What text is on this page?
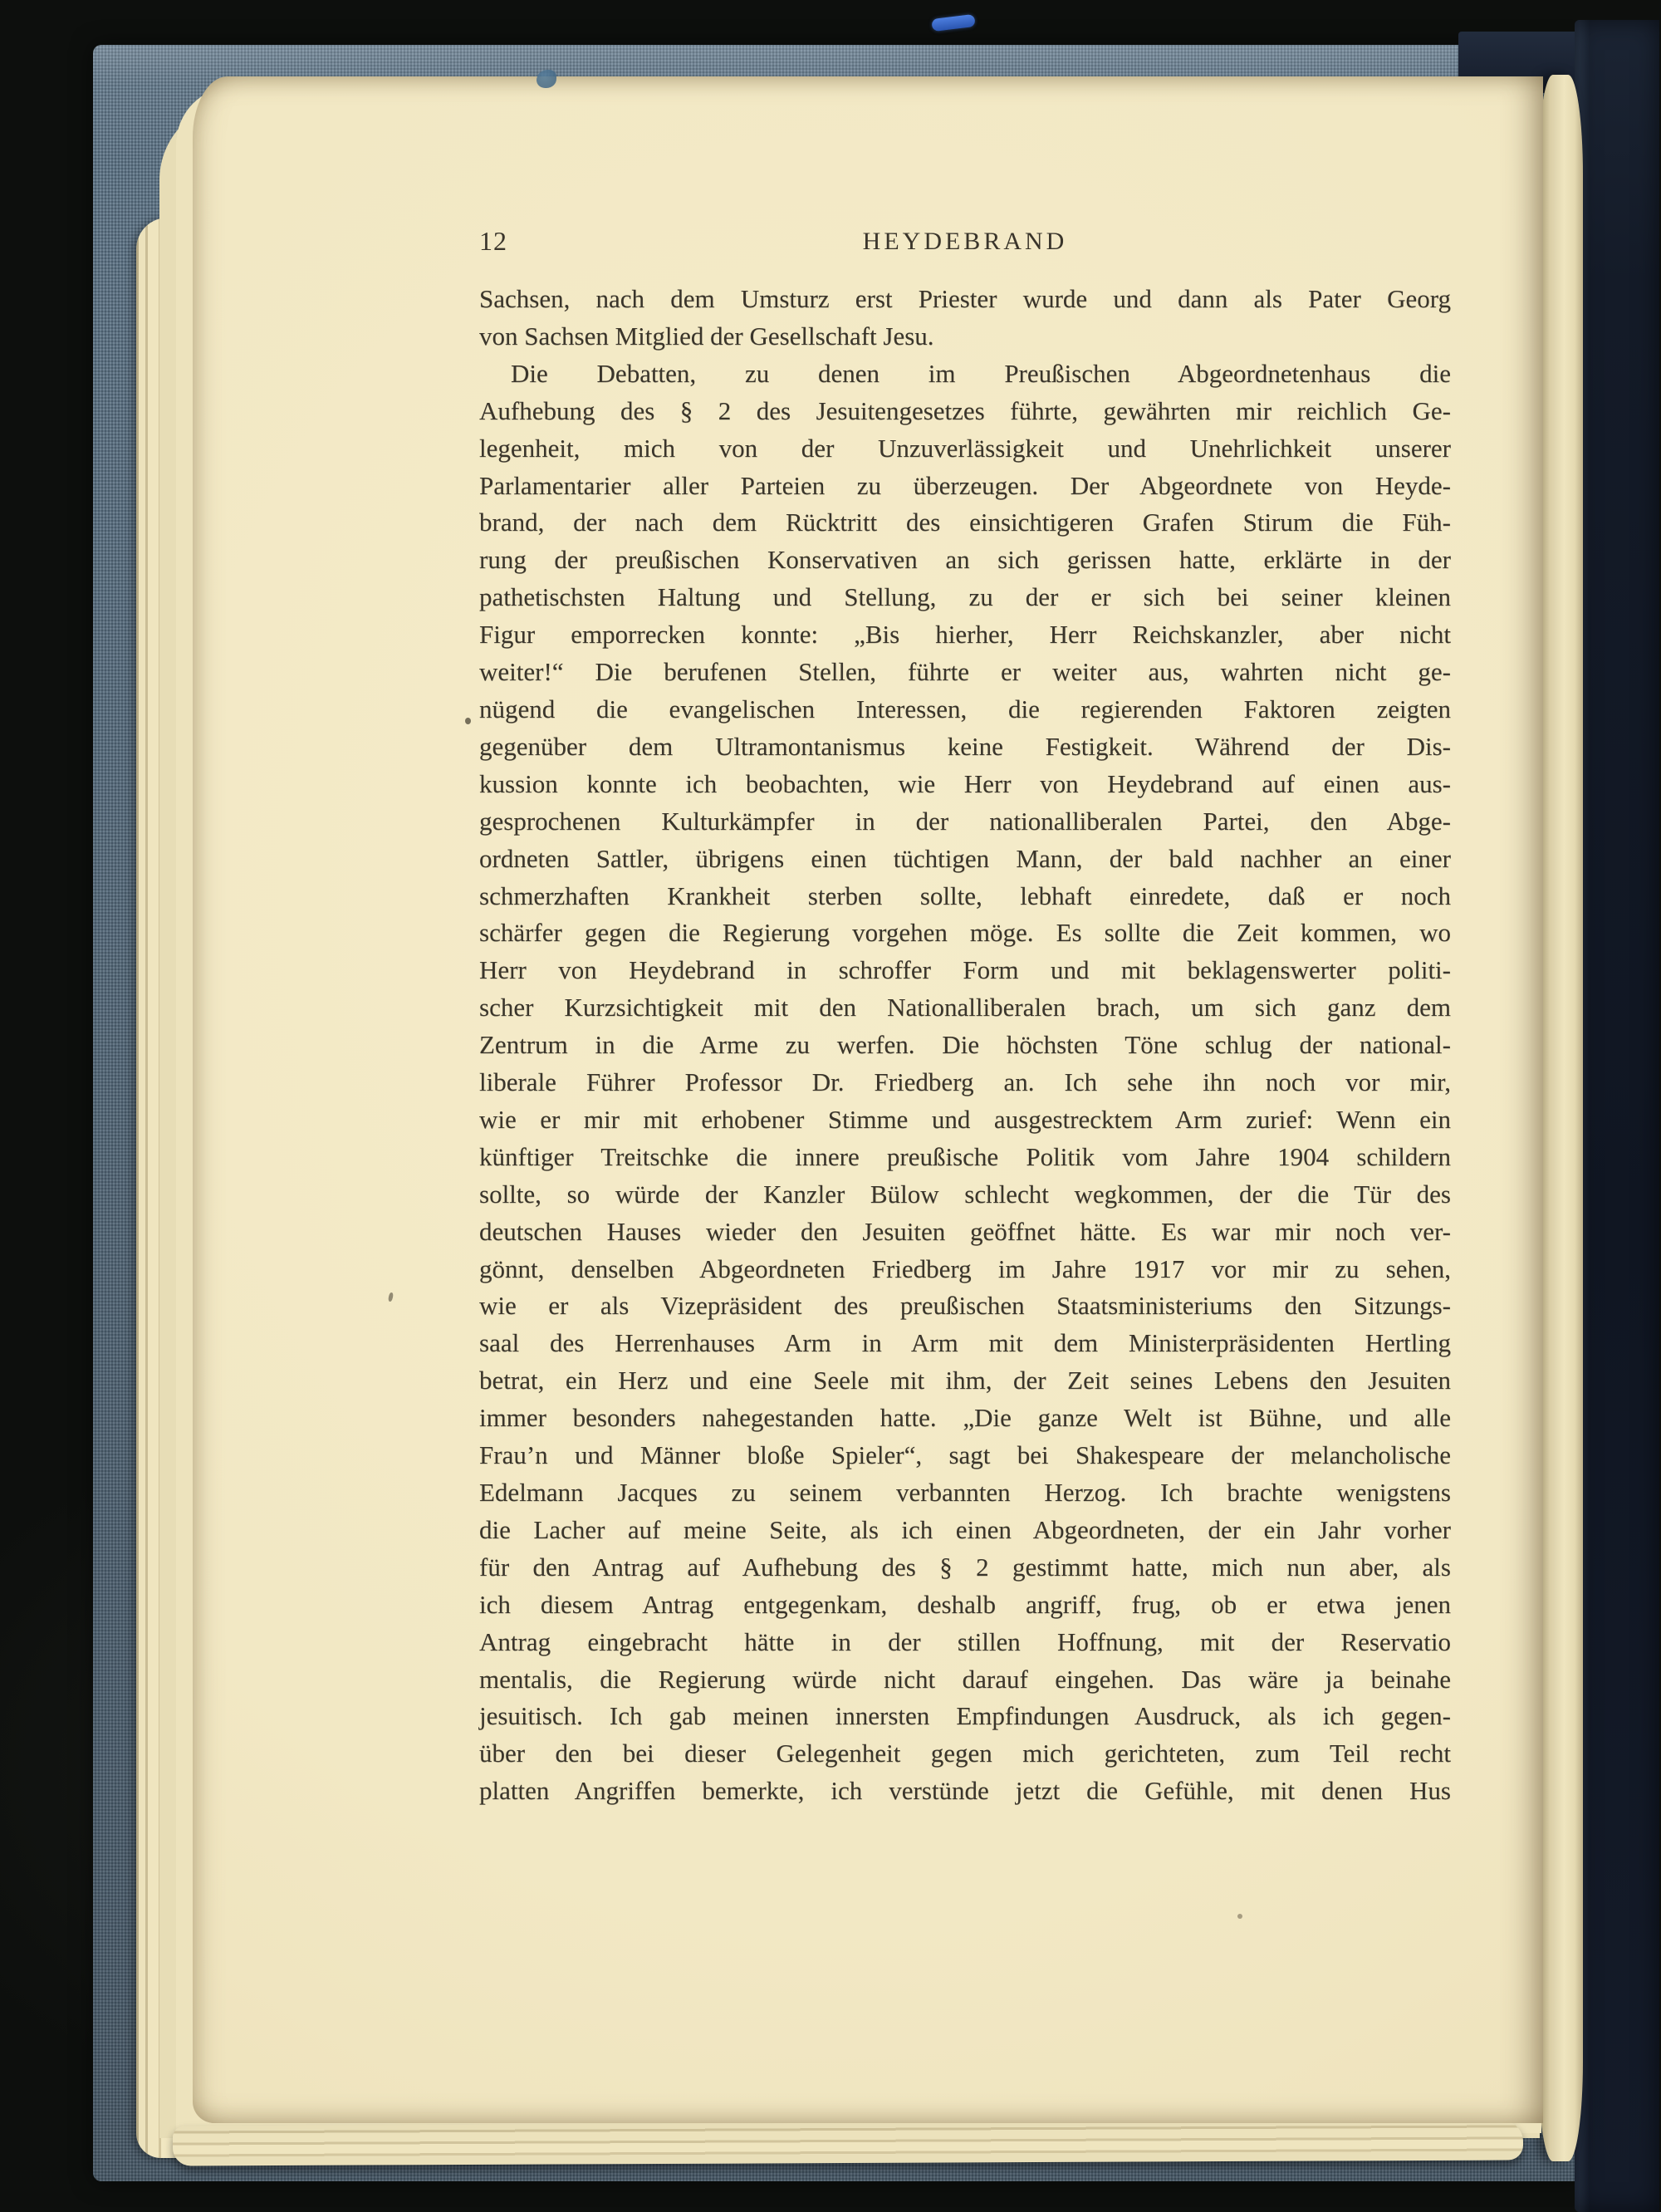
12	HEYDEBRAND
Sachsen, nach dem Umsturz erst Priester wurde und dann als Pater Georg
von Sachsen Mitglied der Gesellschaft Jesu.
Die Debatten, zu denen im Preußischen Abgeordnetenhaus die
Aufhebung des § 2 des Jesuitengesetzes führte, gewährten mir reichlich Ge-
legenheit, mich von der Unzuverlässigkeit und Unehrlichkeit unserer
Parlamentarier aller Parteien zu überzeugen. Der Abgeordnete von Heyde-
brand, der nach dem Rücktritt des einsichtigeren Grafen Stirum die Füh-
rung der preußischen Konservativen an sich gerissen hatte, erklärte in der
pathetischsten Haltung und Stellung, zu der er sich bei seiner kleinen
Figur emporrecken konnte: „Bis hierher, Herr Reichskanzler, aber nicht
weiter!“ Die berufenen Stellen, führte er weiter aus, wahrten nicht ge-
nügend die evangelischen Interessen, die regierenden Faktoren zeigten
gegenüber dem Ultramontanismus keine Festigkeit. Während der Dis-
kussion konnte ich beobachten, wie Herr von Heydebrand auf einen aus-
gesprochenen Kulturkämpfer in der nationalliberalen Partei, den Abge-
ordneten Sattler, übrigens einen tüchtigen Mann, der bald nachher an einer
schmerzhaften Krankheit sterben sollte, lebhaft einredete, daß er noch
schärfer gegen die Regierung vorgehen möge. Es sollte die Zeit kommen, wo
Herr von Heydebrand in schroffer Form und mit beklagenswerter politi-
scher Kurzsichtigkeit mit den Nationalliberalen brach, um sich ganz dem
Zentrum in die Arme zu werfen. Die höchsten Töne schlug der national-
liberale Führer Professor Dr. Friedberg an. Ich sehe ihn noch vor mir,
wie er mir mit erhobener Stimme und ausgestrecktem Arm zurief: Wenn ein
künftiger Treitschke die innere preußische Politik vom Jahre 1904 schildern
sollte, so würde der Kanzler Bülow schlecht wegkommen, der die Tür des
deutschen Hauses wieder den Jesuiten geöffnet hätte. Es war mir noch ver-
gönnt, denselben Abgeordneten Friedberg im Jahre 1917 vor mir zu sehen,
wie er als Vizepräsident des preußischen Staatsministeriums den Sitzungs-
saal des Herrenhauses Arm in Arm mit dem Ministerpräsidenten Hertling
betrat, ein Herz und eine Seele mit ihm, der Zeit seines Lebens den Jesuiten
immer besonders nahegestanden hatte. „Die ganze Welt ist Bühne, und alle
Frau’n und Männer bloße Spieler“, sagt bei Shakespeare der melancholische
Edelmann Jacques zu seinem verbannten Herzog. Ich brachte wenigstens
die Lacher auf meine Seite, als ich einen Abgeordneten, der ein Jahr vorher
für den Antrag auf Aufhebung des § 2 gestimmt hatte, mich nun aber, als
ich diesem Antrag entgegenkam, deshalb angriff, frug, ob er etwa jenen
Antrag eingebracht hätte in der stillen Hoffnung, mit der Reservatio
mentalis, die Regierung würde nicht darauf eingehen. Das wäre ja beinahe
jesuitisch. Ich gab meinen innersten Empfindungen Ausdruck, als ich gegen-
über den bei dieser Gelegenheit gegen mich gerichteten, zum Teil recht
platten Angriffen bemerkte, ich verstünde jetzt die Gefühle, mit denen Hus
